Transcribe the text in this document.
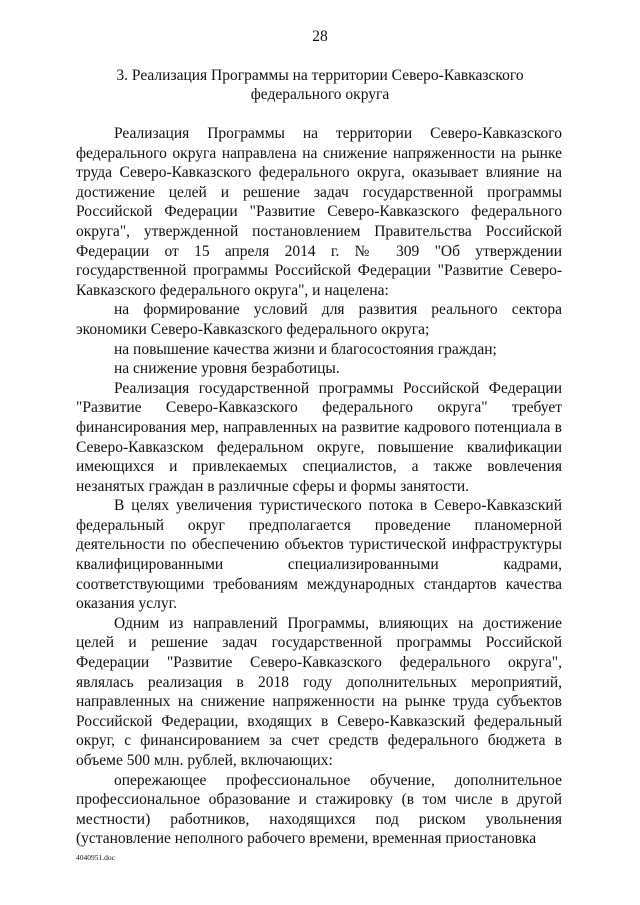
28
3. Реализация Программы на территории Северо-Кавказского федерального округа

Реализация Программы на территории Северо-Кавказского федерального округа направлена на снижение напряженности на рынке труда Северо-Кавказского федерального округа, оказывает влияние на достижение целей и решение задач государственной программы Российской Федерации "Развитие Северо-Кавказского федерального округа", утвержденной постановлением Правительства Российской Федерации от 15 апреля 2014 г. № 309 "Об утверждении государственной программы Российской Федерации "Развитие Северо-Кавказского федерального округа", и нацелена:

на формирование условий для развития реального сектора экономики Северо-Кавказского федерального округа;

на повышение качества жизни и благосостояния граждан;

на снижение уровня безработицы.

Реализация государственной программы Российской Федерации "Развитие Северо-Кавказского федерального округа" требует финансирования мер, направленных на развитие кадрового потенциала в Северо-Кавказском федеральном округе, повышение квалификации имеющихся и привлекаемых специалистов, а также вовлечения незанятых граждан в различные сферы и формы занятости.

В целях увеличения туристического потока в Северо-Кавказский федеральный округ предполагается проведение планомерной деятельности по обеспечению объектов туристической инфраструктуры квалифицированными специализированными кадрами, соответствующими требованиям международных стандартов качества оказания услуг.

Одним из направлений Программы, влияющих на достижение целей и решение задач государственной программы Российской Федерации "Развитие Северо-Кавказского федерального округа", являлась реализация в 2018 году дополнительных мероприятий, направленных на снижение напряженности на рынке труда субъектов Российской Федерации, входящих в Северо-Кавказский федеральный округ, с финансированием за счет средств федерального бюджета в объеме 500 млн. рублей, включающих:

опережающее профессиональное обучение, дополнительное профессиональное образование и стажировку (в том числе в другой местности) работников, находящихся под риском увольнения (установление неполного рабочего времени, временная приостановка

4040951.doc
